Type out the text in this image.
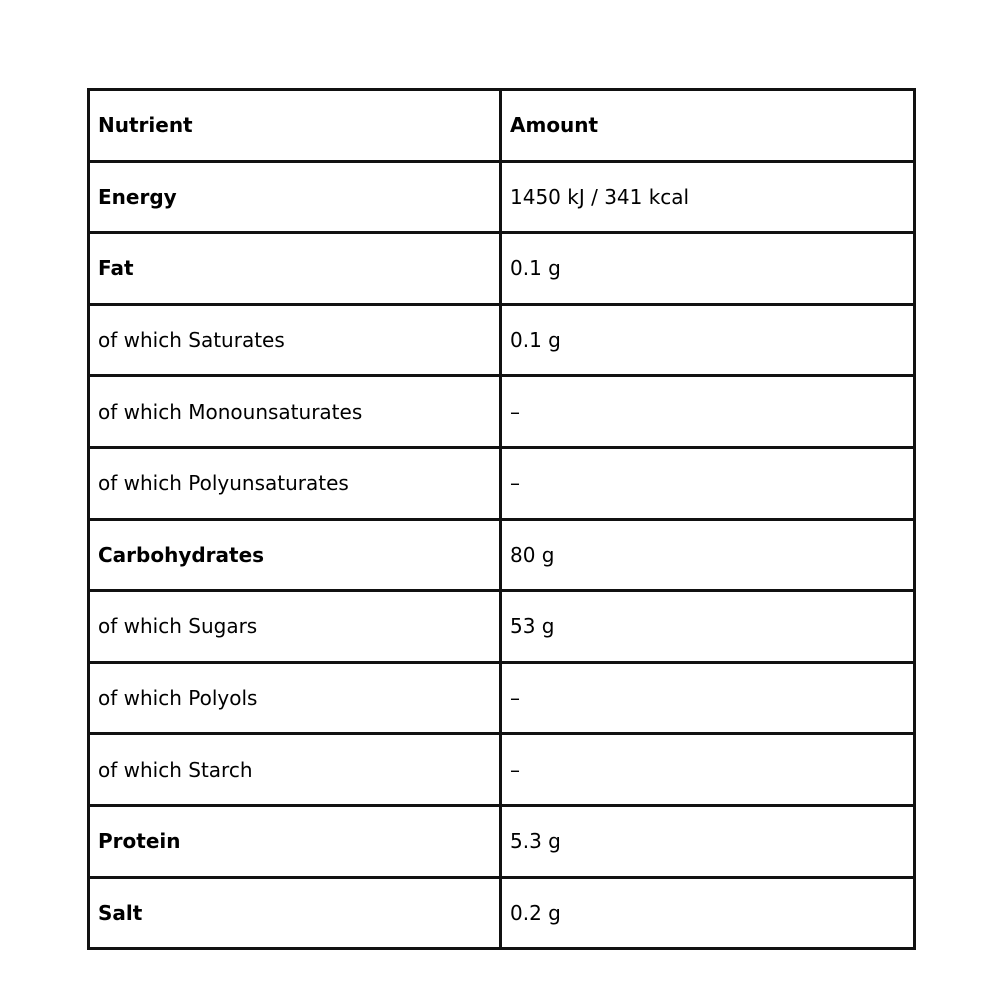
Nutrient	Amount
Energy	1450 kJ / 341 kcal
Fat	0.1 g
of which Saturates	0.1 g
of which Monounsaturates	–
of which Polyunsaturates	–
Carbohydrates	80 g
of which Sugars	53 g
of which Polyols	–
of which Starch	–
Protein	5.3 g
Salt	0.2 g
